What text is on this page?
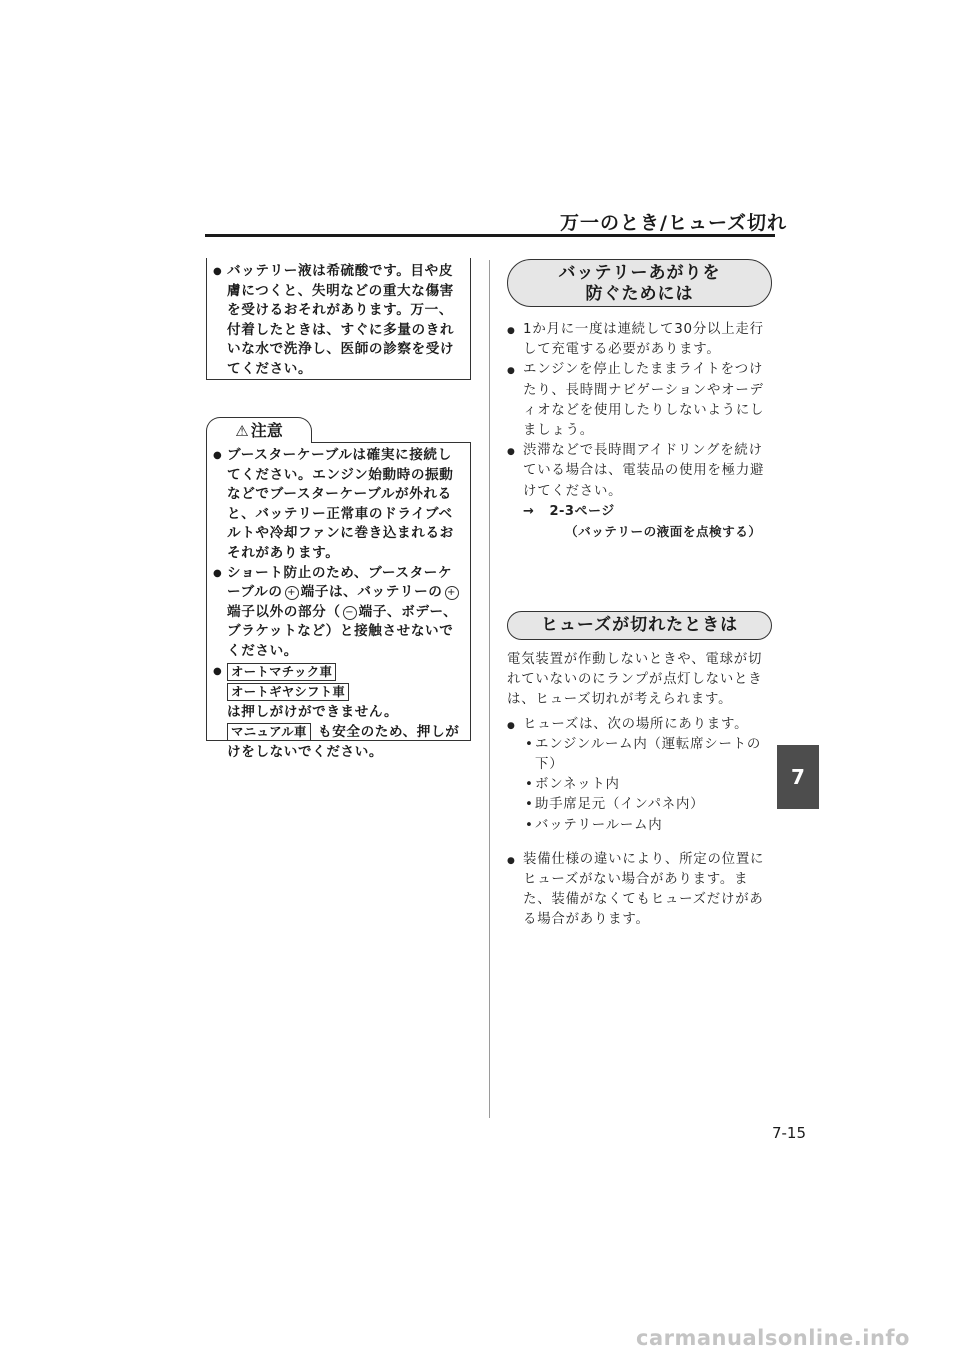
万一のとき/ヒューズ切れ

● バッテリー液は希硫酸です。目や皮膚につくと、失明などの重大な傷害を受けるおそれがあります。万一、付着したときは、すぐに多量のきれいな水で洗浄し、医師の診察を受けてください。

⚠ 注意

● ブースターケーブルは確実に接続してください。エンジン始動時の振動などでブースターケーブルが外れると、バッテリー正常車のドライブベルトや冷却ファンに巻き込まれるおそれがあります。

● ショート防止のため、ブースターケーブルの + 端子は、バッテリーの +端子以外の部分（ − 端子、ボデー、ブラケットなど）と接触させないでください。

● オートマチック車 オートギヤシフト車
は押しがけができません。
マニュアル車 も安全のため、押しがけをしないでください。

バッテリーあがりを
防ぐためには
● 1か月に一度は連続して30分以上走行して充電する必要があります。
● エンジンを停止したままライトをつけたり、長時間ナビゲーションやオーディオなどを使用したりしないようにしましょう。
● 渋滞などで長時間アイドリングを続けている場合は、電装品の使用を極力避けてください。
→ 2-3ページ
（バッテリーの液面を点検する）
ヒューズが切れたときは
電気装置が作動しないときや、電球が切れていないのにランプが点灯しないときは、ヒューズ切れが考えられます。
● ヒューズは、次の場所にあります。
• エンジンルーム内（運転席シートの下）
• ボンネット内
• 助手席足元（インパネ内）
• バッテリールーム内
● 装備仕様の違いにより、所定の位置にヒューズがない場合があります。また、装備がなくてもヒューズだけがある場合があります。
7
7-15
carmanualsonline.info
